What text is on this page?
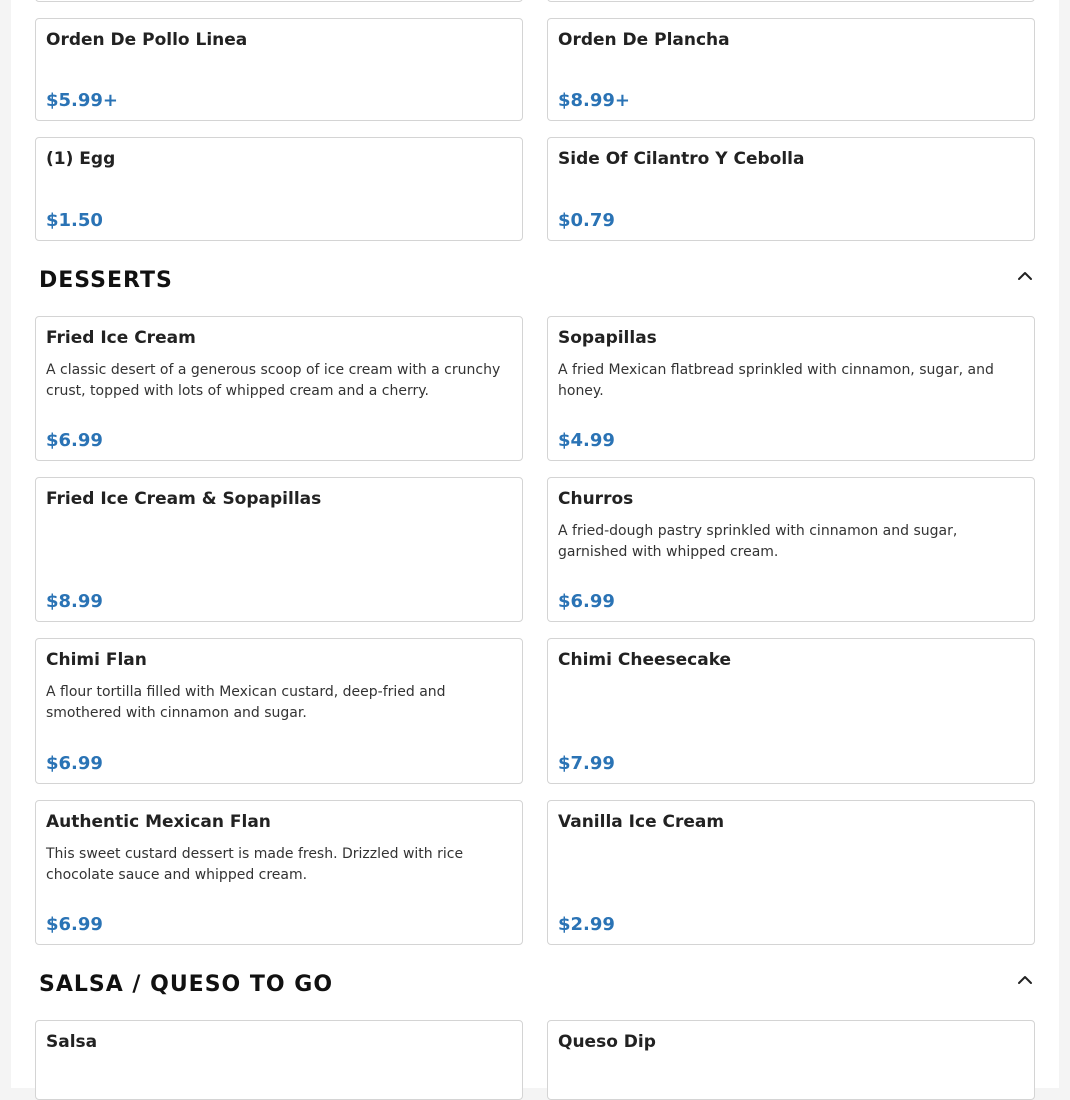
Orden De Pollo Linea
$5.99+
Orden De Plancha
$8.99+
(1) Egg
$1.50
Side Of Cilantro Y Cebolla
$0.79
DESSERTS
Fried Ice Cream
A classic desert of a generous scoop of ice cream with a crunchy crust, topped with lots of whipped cream and a cherry.
$6.99
Sopapillas
A fried Mexican flatbread sprinkled with cinnamon, sugar, and honey.
$4.99
Fried Ice Cream & Sopapillas
$8.99
Churros
A fried-dough pastry sprinkled with cinnamon and sugar, garnished with whipped cream.
$6.99
Chimi Flan
A flour tortilla filled with Mexican custard, deep-fried and smothered with cinnamon and sugar.
$6.99
Chimi Cheesecake
$7.99
Authentic Mexican Flan
This sweet custard dessert is made fresh. Drizzled with rice chocolate sauce and whipped cream.
$6.99
Vanilla Ice Cream
$2.99
SALSA / QUESO TO GO
Salsa	Queso Dip
